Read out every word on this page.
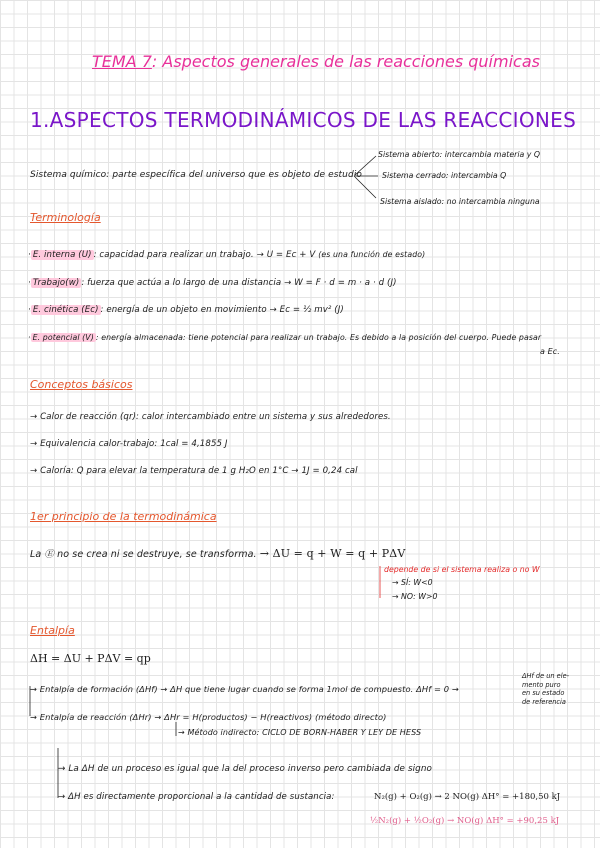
TEMA 7: Aspectos generales de las reacciones químicas
1.ASPECTOS TERMODINÁMICOS DE LAS REACCIONES
Sistema químico: parte específica del universo que es objeto de estudio
Sistema abierto: intercambia materia y Q
Sistema cerrado: intercambia Q
Sistema aislado: no intercambia ninguna
Terminología
· E. interna (U) : capacidad para realizar un trabajo. → U = Ec + V (es una función de estado)
· Trabajo(w) : fuerza que actúa a lo largo de una distancia → W = F · d = m · a · d (J)
· E. cinética (Ec) : energía de un objeto en movimiento → Ec = ½ mv² (J)
· E. potencial (V) : energía almacenada: tiene potencial para realizar un trabajo. Es debido a la posición del cuerpo. Puede pasar
a Ec.
Conceptos básicos
→ Calor de reacción (qr): calor intercambiado entre un sistema y sus alrededores.
→ Equivalencia calor-trabajo: 1cal = 4,1855 J
→ Caloría: Q para elevar la temperatura de 1 g H₂O en 1°C → 1J = 0,24 cal
1er principio de la termodinámica
La Ⓔ no se crea ni se destruye, se transforma. → ΔU = q + W = q + PΔV
depende de si el sistema realiza o no W
→ SÍ: W<0
→ NO: W>0
Entalpía
ΔH = ΔU + PΔV = qp
→ Entalpía de formación (ΔHf) → ΔH que tiene lugar cuando se forma 1mol de compuesto. ΔHf = 0 →
ΔHf de un ele-
mento puro
en su estado
de referencia
→ Entalpía de reacción (ΔHr) → ΔHr = H(productos) − H(reactivos) (método directo)
→ Método indirecto: CICLO DE BORN-HABER Y LEY DE HESS
→ La ΔH de un proceso es igual que la del proceso inverso pero cambiada de signo
→ ΔH es directamente proporcional a la cantidad de sustancia:	N₂(g) + O₂(g) → 2 NO(g) ΔH° = +180,50 kJ
½N₂(g) + ½O₂(g) → NO(g) ΔH° = +90,25 kJ
